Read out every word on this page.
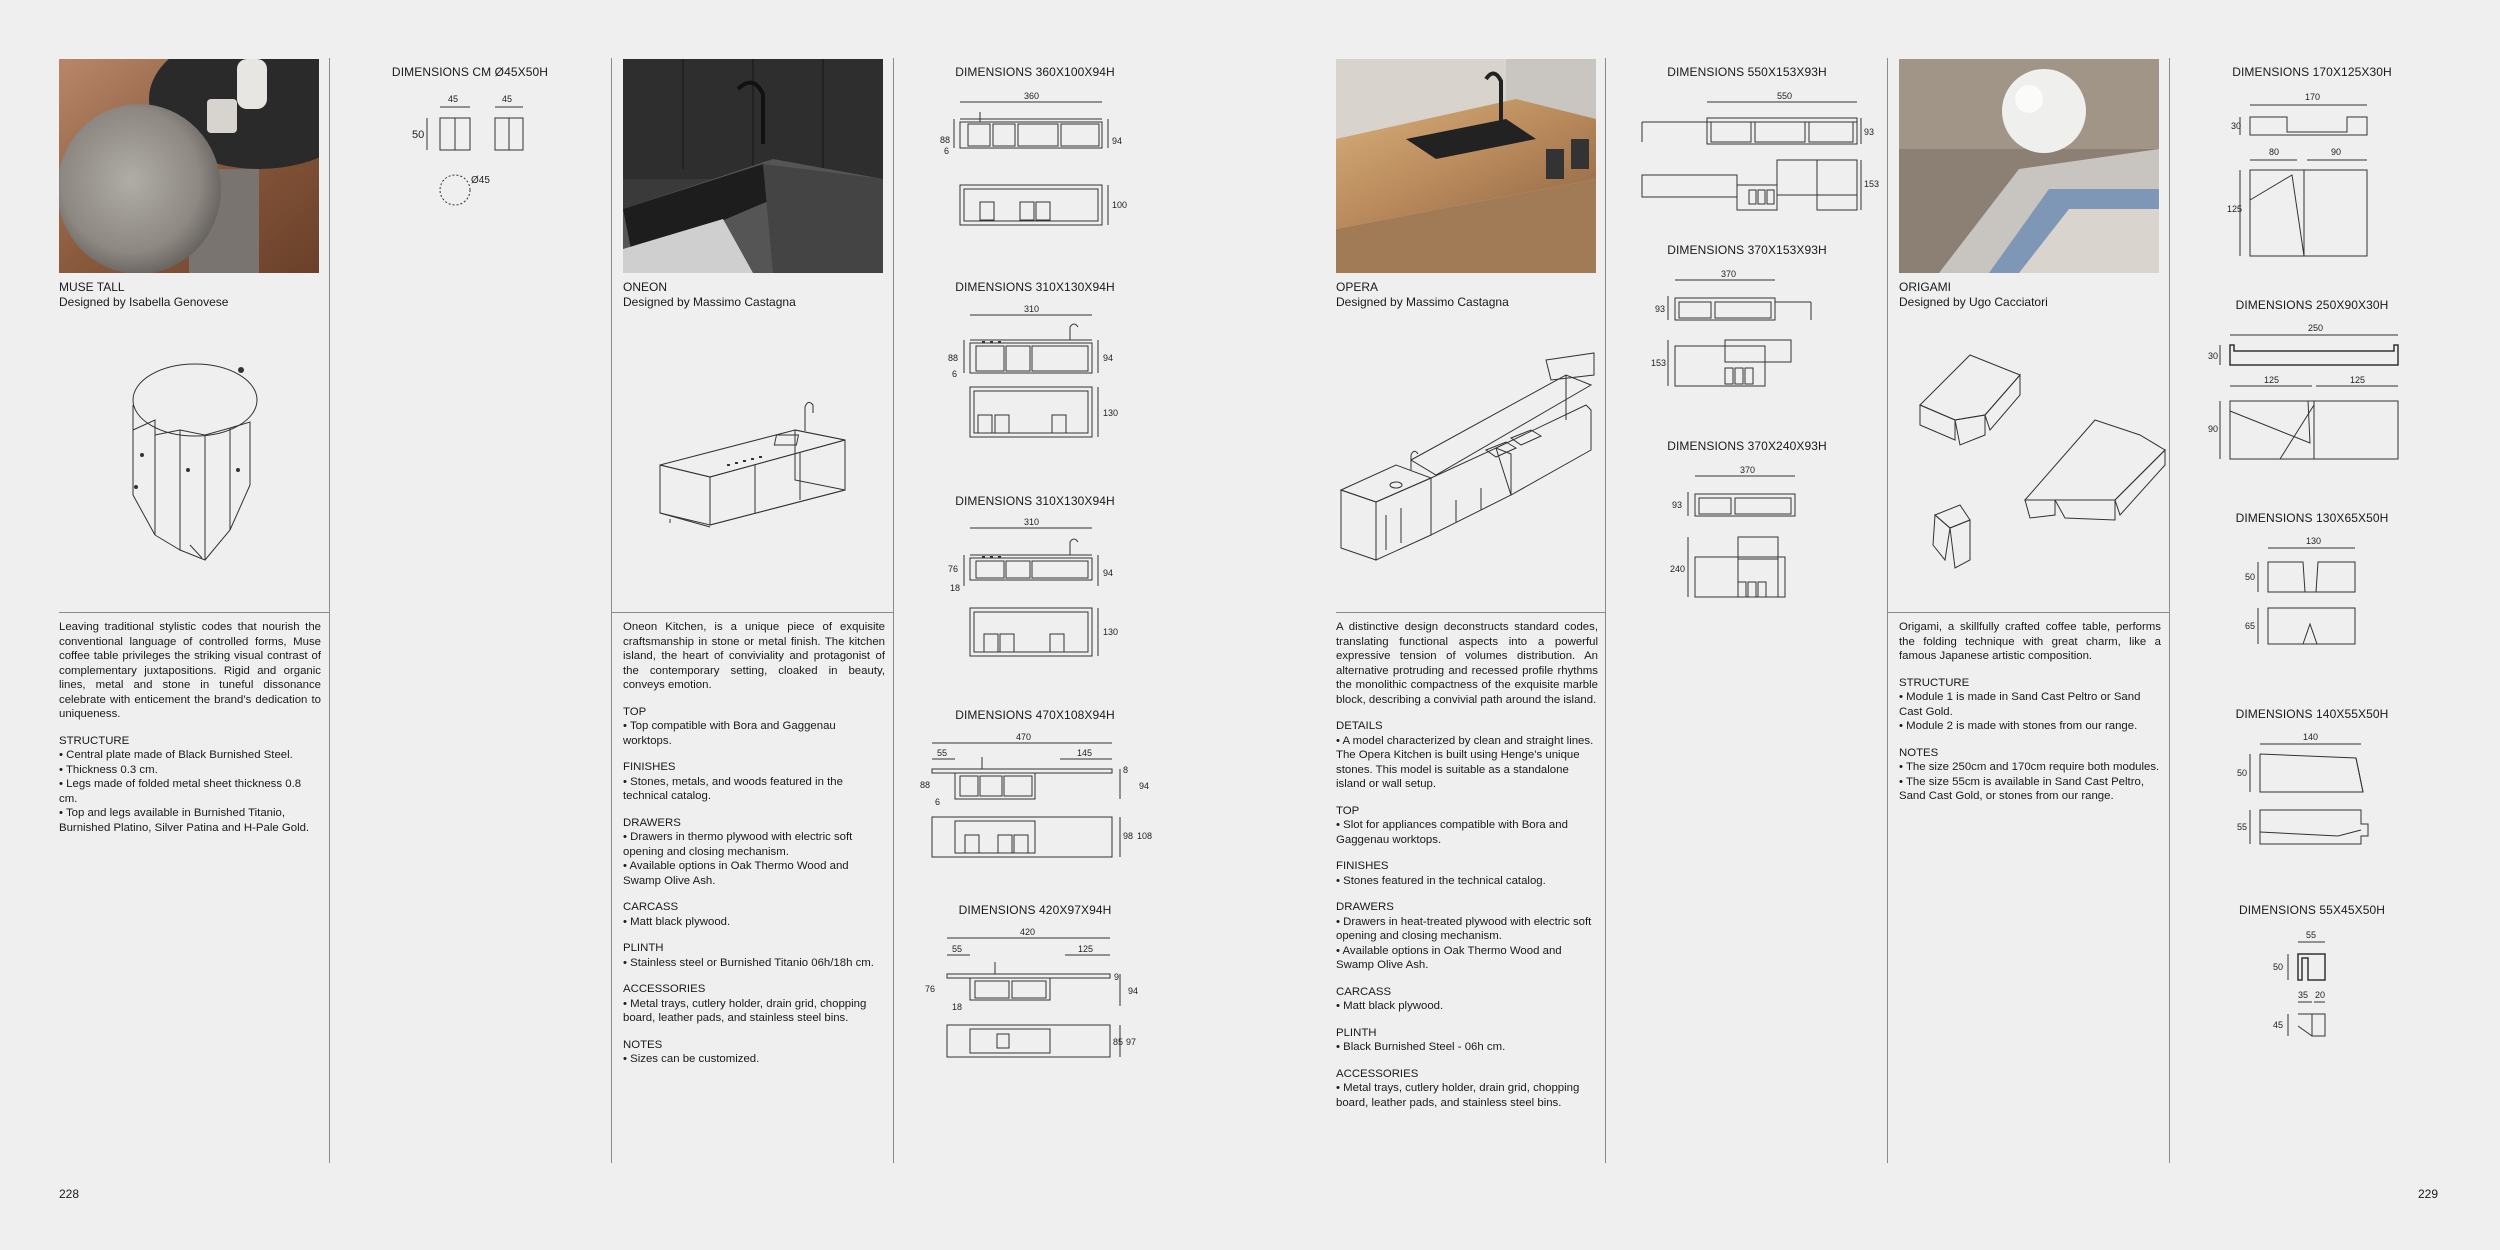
MUSE TALL
Designed by Isabella Genovese
ONEON
Designed by Massimo Castagna
OPERA
Designed by Massimo Castagna
ORIGAMI
Designed by Ugo Cacciatori

Leaving traditional stylistic codes that nourish the conventional language of controlled forms, Muse coffee table privileges the striking visual contrast of complementary juxtapositions. Rigid and organic lines, metal and stone in tuneful dissonance celebrate with enticement the brand’s dedication to uniqueness.

STRUCTURE
• Central plate made of Black Burnished Steel.
• Thickness 0.3 cm.
• Legs made of folded metal sheet thickness 0.8 cm.
• Top and legs available in Burnished Titanio, Burnished Platino, Silver Patina and H-Pale Gold.

Oneon Kitchen, is a unique piece of exquisite craftsmanship in stone or metal finish. The kitchen island, the heart of conviviality and protagonist of the contemporary setting, cloaked in beauty, conveys emotion.

TOP
• Top compatible with Bora and Gaggenau worktops.
FINISHES
• Stones, metals, and woods featured in the technical catalog.
DRAWERS
• Drawers in thermo plywood with electric soft opening and closing mechanism.
• Available options in Oak Thermo Wood and Swamp Olive Ash.
CARCASS
• Matt black plywood.
PLINTH
• Stainless steel or Burnished Titanio 06h/18h cm.
ACCESSORIES
• Metal trays, cutlery holder, drain grid, chopping board, leather pads, and stainless steel bins.
NOTES
• Sizes can be customized.

A distinctive design deconstructs standard codes, translating functional aspects into a powerful expressive tension of volumes distribution. An alternative protruding and recessed profile rhythms the monolithic compactness of the exquisite marble block, describing a convivial path around the island.

DETAILS
• A model characterized by clean and straight lines. The Opera Kitchen is built using Henge’s unique stones. This model is suitable as a standalone island or wall setup.
TOP
• Slot for appliances compatible with Bora and Gaggenau worktops.
FINISHES
• Stones featured in the technical catalog.
DRAWERS
• Drawers in heat-treated plywood with electric soft opening and closing mechanism.
• Available options in Oak Thermo Wood and Swamp Olive Ash.
CARCASS
• Matt black plywood.
PLINTH
• Black Burnished Steel - 06h cm.
ACCESSORIES
• Metal trays, cutlery holder, drain grid, chopping board, leather pads, and stainless steel bins.

Origami, a skillfully crafted coffee table, performs the folding technique with great charm, like a famous Japanese artistic composition.

STRUCTURE
• Module 1 is made in Sand Cast Peltro or Sand Cast Gold.
• Module 2 is made with stones from our range.
NOTES
• The size 250cm and 170cm require both modules.
• The size 55cm is available in Sand Cast Peltro, Sand Cast Gold, or stones from our range.
DIMENSIONS CM Ø45X50H
45	45
50
Ø45
DIMENSIONS 360X100X94H
360
88
6
94
100
DIMENSIONS 310X130X94H
310
88
6
94
130
DIMENSIONS 310X130X94H
310
76
18
94
130
DIMENSIONS 470X108X94H
470
55	145
88
6
8
94
98 108
DIMENSIONS 420X97X94H
420
55	125
76
18
9
94
85 97
DIMENSIONS 550X153X93H
550
93
153
DIMENSIONS 370X153X93H
370
93
153
DIMENSIONS 370X240X93H
370
93
240
DIMENSIONS 170X125X30H
170
30
80	90
125
DIMENSIONS 250X90X30H
250
30
125	125
90
DIMENSIONS 130X65X50H
130
50
65
DIMENSIONS 140X55X50H
140
50
55
DIMENSIONS 55X45X50H
55
50
35 20
45
228	229
